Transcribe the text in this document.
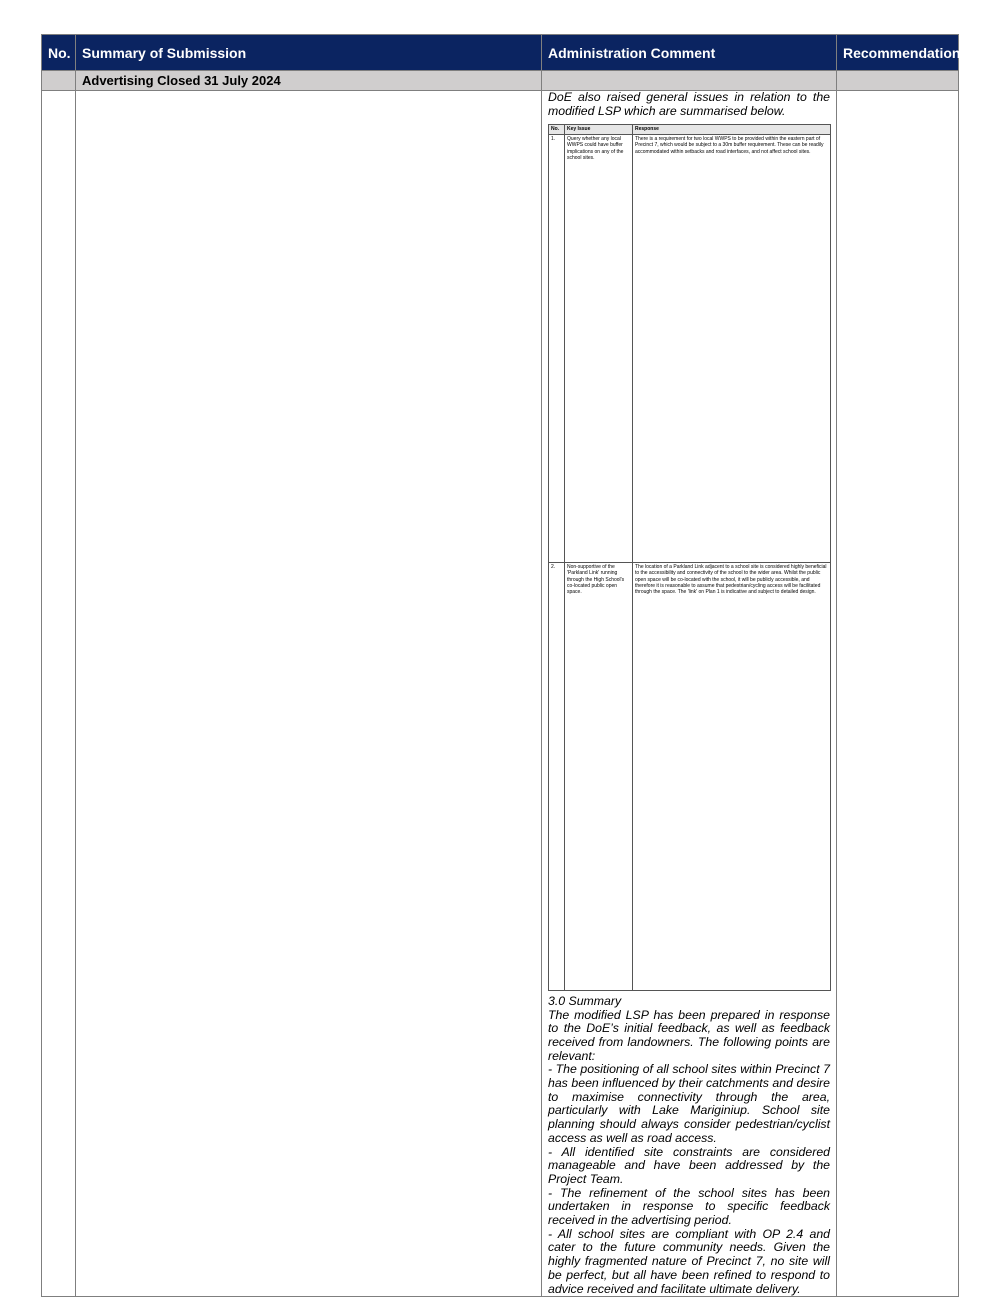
No.	Summary of Submission	Administration Comment	Recommendation
	Advertising Closed 31 July 2024		

DoE also raised general issues in relation to the modified LSP which are summarised below.

No.	Key Issue	Response
1.	Query whether any local WWPS could have buffer implications on any of the school sites.	There is a requirement for two local WWPS to be provided within the eastern part of Precinct 7, which would be subject to a 30m buffer requirement. These can be readily accommodated within setbacks and road interfaces, and not affect school sites.
2.	Non-supportive of the 'Parkland Link' running through the High School's co-located public open space.	The location of a Parkland Link adjacent to a school site is considered highly beneficial to the accessibility and connectivity of the school to the wider area. Whilst the public open space will be co-located with the school, it will be publicly accessible, and therefore it is reasonable to assume that pedestrian/cycling access will be facilitated through the space. The 'link' on Plan 1 is indicative and subject to detailed design.

3.0 Summary

The modified LSP has been prepared in response to the DoE’s initial feedback, as well as feedback received from landowners. The following points are relevant:

- The positioning of all school sites within Precinct 7 has been influenced by their catchments and desire to maximise connectivity through the area, particularly with Lake Mariginiup. School site planning should always consider pedestrian/cyclist access as well as road access.

- All identified site constraints are considered manageable and have been addressed by the Project Team.

- The refinement of the school sites has been undertaken in response to specific feedback received in the advertising period.

- All school sites are compliant with OP 2.4 and cater to the future community needs. Given the highly fragmented nature of Precinct 7, no site will be perfect, but all have been refined to respond to advice received and facilitate ultimate delivery.
